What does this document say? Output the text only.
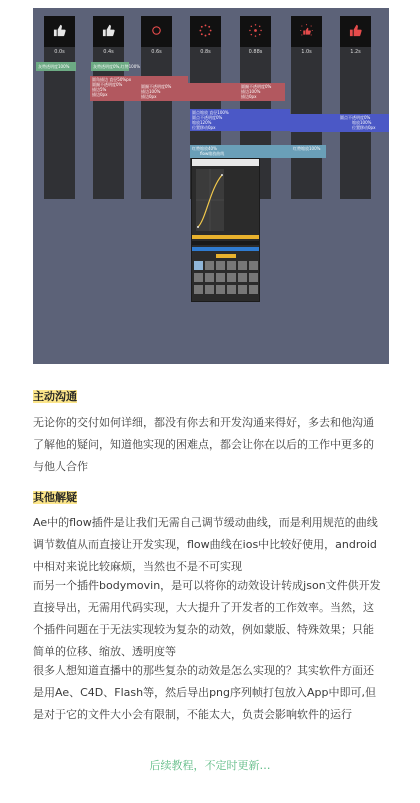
0.0s	0.4s	0.6s	0.8s	0.88s	1.0s	1.2s
灰赞透明度100%	灰赞透明度0%,红赞100%
圆角描边 直径50%px
圆圈不透明度0%
描边5%
描边0px
圆圈不透明度0%
描边100%
描边0px
圆圈不透明度0%
描边100%
描边0px
圆点缩放 直径100%
圆点不透明度0%
缩放120%
位置移动0px
圆点不透明度0%
缩放100%
位置移动0px
红赞缩放40%
flow缩放曲线
红赞缩放100%
主动沟通
无论你的交付如何详细，都没有你去和开发沟通来得好，多去和他沟通
了解他的疑问，知道他实现的困难点，都会让你在以后的工作中更多的
与他人合作
其他解疑
Ae中的flow插件是让我们无需自己调节缓动曲线，而是利用规范的曲线
调节数值从而直接让开发实现，flow曲线在ios中比较好使用，android
中相对来说比较麻烦，当然也不是不可实现
而另一个插件bodymovin，是可以将你的动效设计转成json文件供开发
直接导出，无需用代码实现，大大提升了开发者的工作效率。当然，这
个插件问题在于无法实现较为复杂的动效，例如蒙版、特殊效果；只能
简单的位移、缩放、透明度等
很多人想知道直播中的那些复杂的动效是怎么实现的？其实软件方面还
是用Ae、C4D、Flash等，然后导出png序列帧打包放入App中即可,但
是对于它的文件大小会有限制，不能太大，负责会影响软件的运行
后续教程，不定时更新…
